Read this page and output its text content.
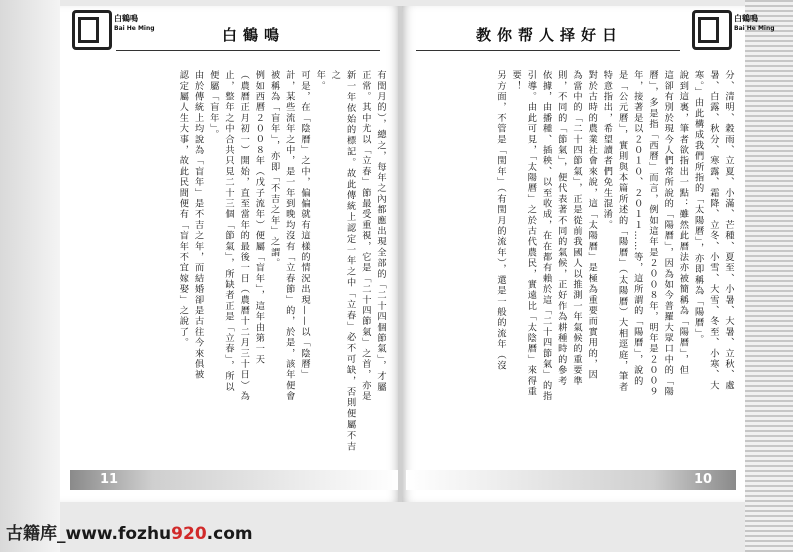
白鶴鳴
Bai He Ming	白鶴鳴
有閏月的），總之，每年之內都應出現全部的「二十四個節氣」，才屬
正常。其中尤以「立春」節最受重視，它是「二十四節氣」之首，亦是
新一年依始的標記。故此傳統上認定一年之中「立春」必不可缺，否則便屬不吉之
年。
可是，在「陰曆」之中，偏偏就有這樣的情況出現——以「陰曆」
計，某些流年之中，是一年到晚均沒有「立春節」的，於是，該年便會
被稱為「盲年」，亦即「不吉之年」之謂。
例如西曆２００８年（戊子流年）便屬「盲年」，這年由第一天
（農曆正月初一）開始，直至當年的最後一日（農曆十二月三十日）為
止，整年之中合共只見二十三個「節氣」，所缺者正是「立春」，所以
便屬「盲年」。
由於傳統上均說為「盲年」是不吉之年，而結婚卻是古往今來俱被
認定屬人生大事，故此民間便有「盲年不宜嫁娶」之說了。
11
教你帮人择好日
白鶴鳴
Bai He Ming
分、清明、穀雨、立夏、小滿、芒種、夏至、小暑、大暑、立秋、處
暑、白露、秋分、寒露、霜降、立冬、小雪、大雪、冬至、小寒、大
寒。」由此構成我們所指的「太陽曆」，亦即稱為「陽曆」。
說到這裏，筆者欲指出一點：雖然此曆法亦被簡稱為「陽曆」，但
這卻有別於現今人們常所說的「陽曆」，因為如今普羅大眾口中的「陽
曆」，多是指「西曆」而言，例如這年是２００８年，明年是２００９
年，接著是以２０１０、２０１１……等，這所謂的「陽曆」，說的
是「公元曆」，實則與本篇所述的「陽曆」（太陽曆）大相逕庭，筆者
特意指出，希望讀者們免生混淆。
對於古時的農業社會來說，這「太陽曆」是極為重要而實用的，因
為當中的「二十四節氣」，正是從前我國人以推測一年氣候的重要準
則，不同的「節氣」，便代表著不同的氣候，正好作為耕種時的參考
依據，由播種、插秧、以至收成，在在都有賴於這「二十四節氣」的指
引導。由此可見，「太陽曆」之於古代農民，實遠比「太陰曆」來得重
要！
另方面，不管是「閏年」（有閏月的流年），還是一般的流年（沒
10
古籍库_www.fozhu920.com
